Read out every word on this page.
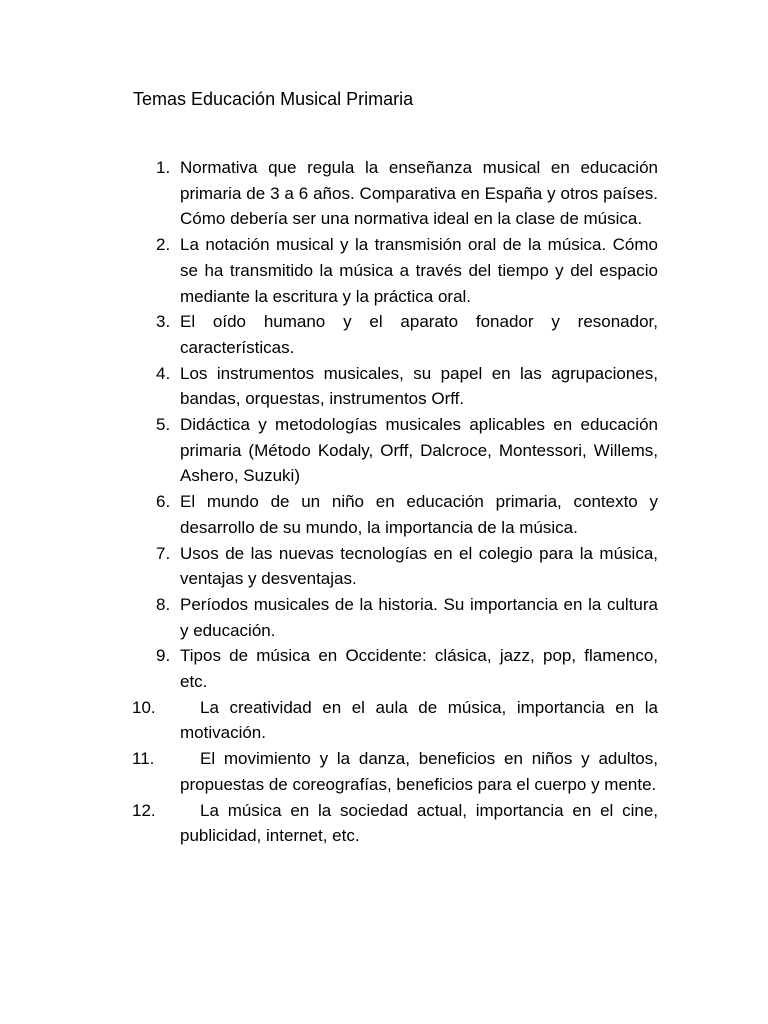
Temas Educación Musical Primaria
1. Normativa que regula la enseñanza musical en educación primaria de 3 a 6 años. Comparativa en España y otros países. Cómo debería ser una normativa ideal en la clase de música.
2. La notación musical y la transmisión oral de la música. Cómo se ha transmitido la música a través del tiempo y del espacio mediante la escritura y la práctica oral.
3. El oído humano y el aparato fonador y resonador, características.
4. Los instrumentos musicales, su papel en las agrupaciones, bandas, orquestas, instrumentos Orff.
5. Didáctica y metodologías musicales aplicables en educación primaria (Método Kodaly, Orff, Dalcroce, Montessori, Willems, Ashero, Suzuki)
6. El mundo de un niño en educación primaria, contexto y desarrollo de su mundo, la importancia de la música.
7. Usos de las nuevas tecnologías en el colegio para la música, ventajas y desventajas.
8. Períodos musicales de la historia. Su importancia en la cultura y educación.
9. Tipos de música en Occidente: clásica, jazz, pop, flamenco, etc.
10.	La creatividad en el aula de música, importancia en la motivación.
11.	El movimiento y la danza, beneficios en niños y adultos, propuestas de coreografías, beneficios para el cuerpo y mente.
12.	La música en la sociedad actual, importancia en el cine, publicidad, internet, etc.
